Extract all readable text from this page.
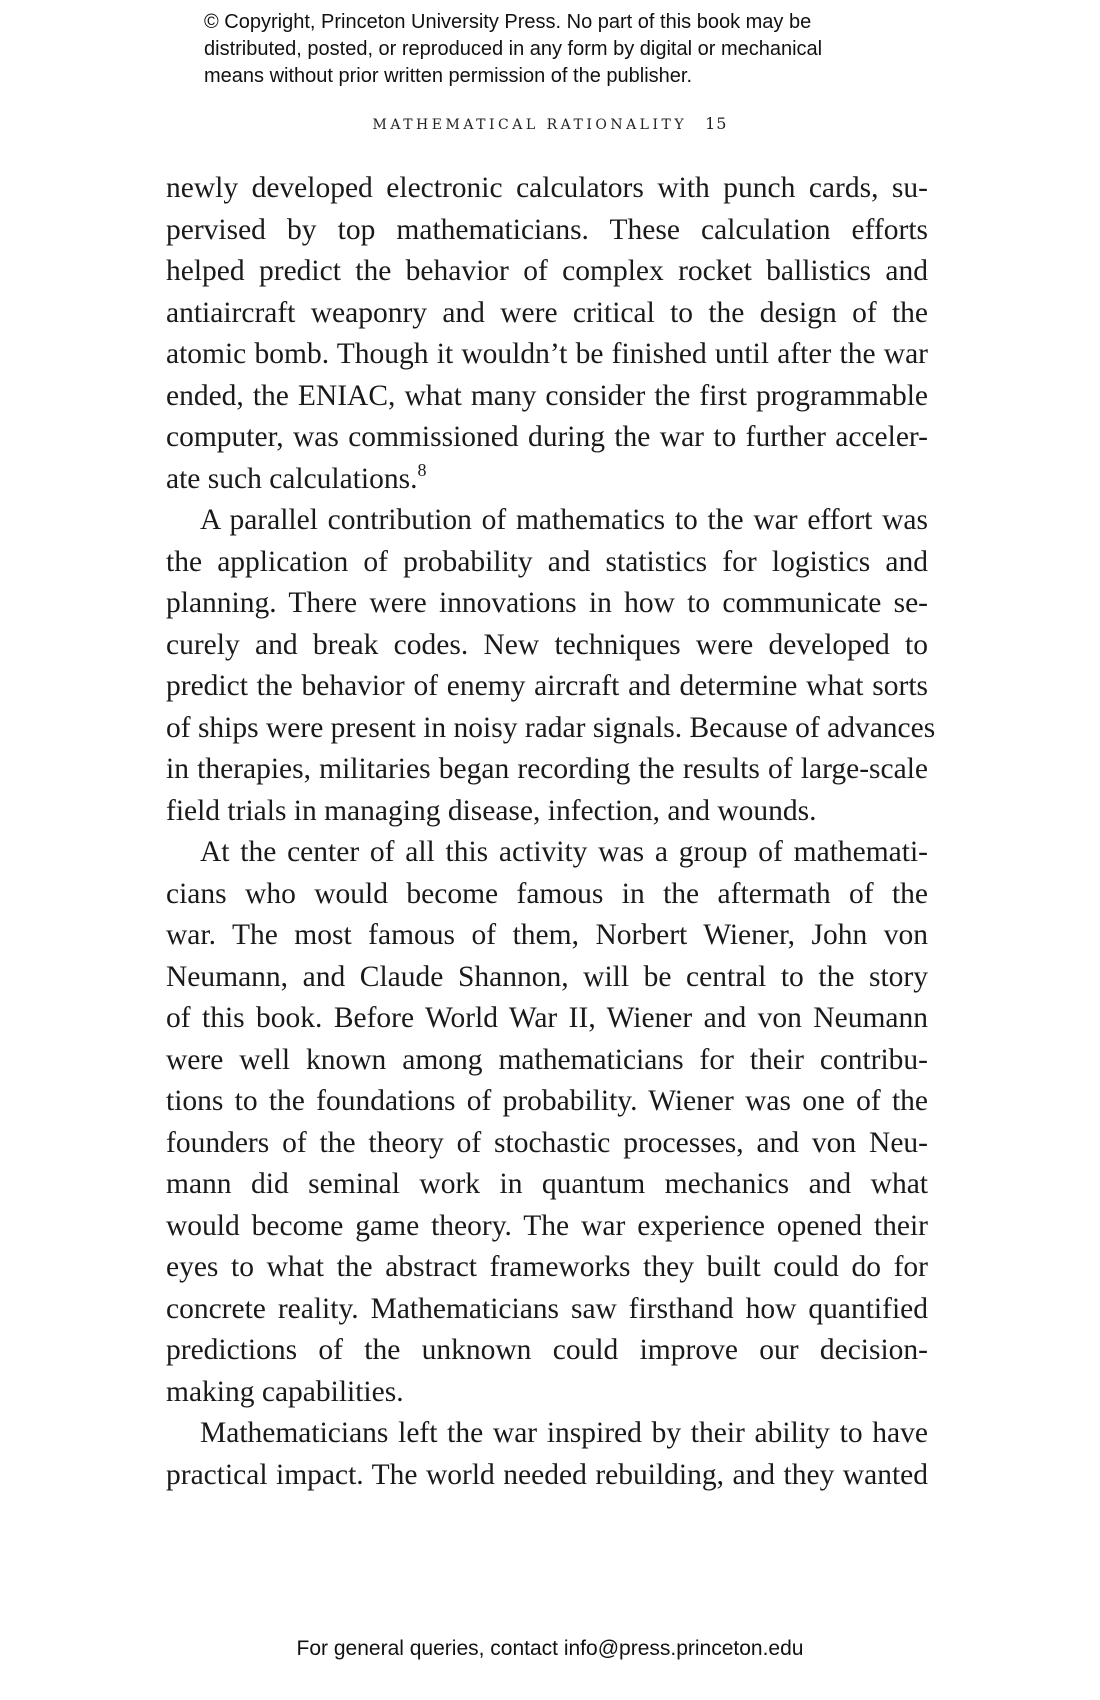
© Copyright, Princeton University Press. No part of this book may be
distributed, posted, or reproduced in any form by digital or mechanical
means without prior written permission of the publisher.
MATHEMATICAL RATIONALITY 15
newly developed electronic calculators with punch cards, su-
pervised by top mathematicians. These calculation efforts
helped predict the behavior of complex rocket ballistics and
antiaircraft weaponry and were critical to the design of the
atomic bomb. Though it wouldn’t be finished until after the war
ended, the ENIAC, what many consider the first programmable
computer, was commissioned during the war to further acceler-
ate such calculations.$^8$
A parallel contribution of mathematics to the war effort was
the application of probability and statistics for logistics and
planning. There were innovations in how to communicate se-
curely and break codes. New techniques were developed to
predict the behavior of enemy aircraft and determine what sorts
of ships were present in noisy radar signals. Because of advances
in therapies, militaries began recording the results of large-scale
field trials in managing disease, infection, and wounds.
At the center of all this activity was a group of mathemati-
cians who would become famous in the aftermath of the
war. The most famous of them, Norbert Wiener, John von
Neumann, and Claude Shannon, will be central to the story
of this book. Before World War II, Wiener and von Neumann
were well known among mathematicians for their contribu-
tions to the foundations of probability. Wiener was one of the
founders of the theory of stochastic processes, and von Neu-
mann did seminal work in quantum mechanics and what
would become game theory. The war experience opened their
eyes to what the abstract frameworks they built could do for
concrete reality. Mathematicians saw firsthand how quantified
predictions of the unknown could improve our decision-
making capabilities.
Mathematicians left the war inspired by their ability to have
practical impact. The world needed rebuilding, and they wanted
For general queries, contact info@press.princeton.edu
